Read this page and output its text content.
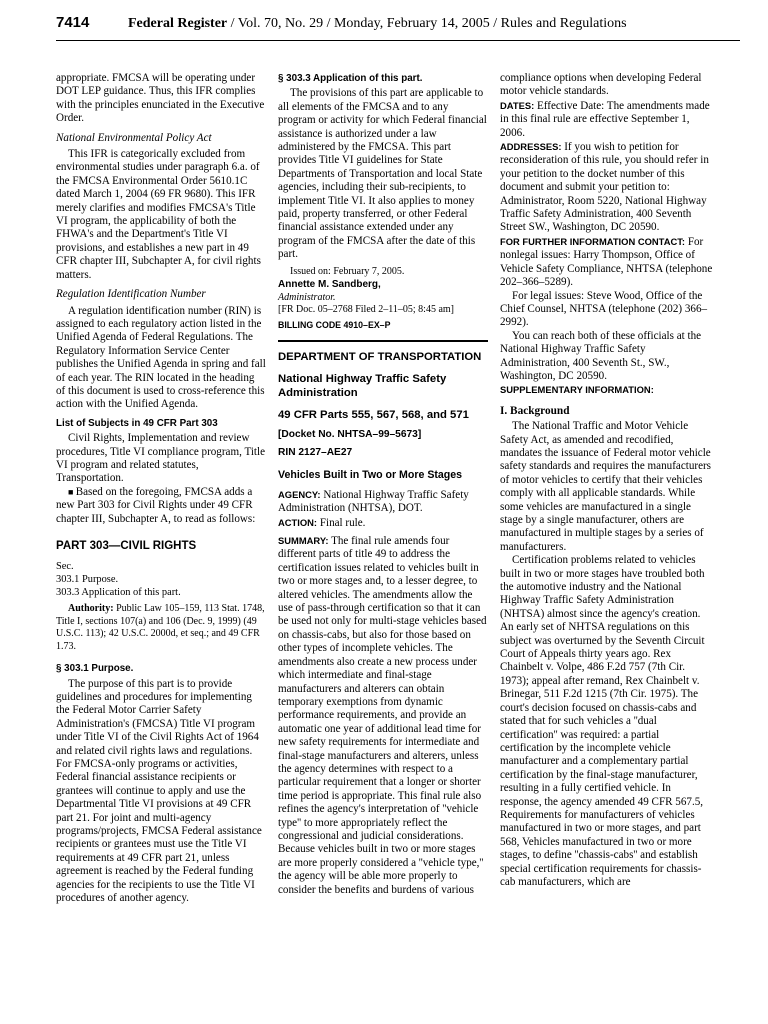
7414	Federal Register / Vol. 70, No. 29 / Monday, February 14, 2005 / Rules and Regulations

appropriate. FMCSA will be operating under DOT LEP guidance. Thus, this IFR complies with the principles enunciated in the Executive Order.

National Environmental Policy Act

This IFR is categorically excluded from environmental studies under paragraph 6.a. of the FMCSA Environmental Order 5610.1C dated March 1, 2004 (69 FR 9680). This IFR merely clarifies and modifies FMCSA's Title VI program, the applicability of both the FHWA's and the Department's Title VI provisions, and establishes a new part in 49 CFR chapter III, Subchapter A, for civil rights matters.

Regulation Identification Number

A regulation identification number (RIN) is assigned to each regulatory action listed in the Unified Agenda of Federal Regulations. The Regulatory Information Service Center publishes the Unified Agenda in spring and fall of each year. The RIN located in the heading of this document is used to cross-reference this action with the Unified Agenda.

List of Subjects in 49 CFR Part 303

Civil Rights, Implementation and review procedures, Title VI compliance program, Title VI program and related statutes, Transportation.

■ Based on the foregoing, FMCSA adds a new Part 303 for Civil Rights under 49 CFR chapter III, Subchapter A, to read as follows:

PART 303—CIVIL RIGHTS
Sec.
303.1 Purpose.
303.3 Application of this part.

Authority: Public Law 105–159, 113 Stat. 1748, Title I, sections 107(a) and 106 (Dec. 9, 1999) (49 U.S.C. 113); 42 U.S.C. 2000d, et seq.; and 49 CFR 1.73.

§ 303.1 Purpose.

The purpose of this part is to provide guidelines and procedures for implementing the Federal Motor Carrier Safety Administration's (FMCSA) Title VI program under Title VI of the Civil Rights Act of 1964 and related civil rights laws and regulations. For FMCSA-only programs or activities, Federal financial assistance recipients or grantees will continue to apply and use the Departmental Title VI provisions at 49 CFR part 21. For joint and multi-agency programs/projects, FMCSA Federal assistance recipients or grantees must use the Title VI requirements at 49 CFR part 21, unless agreement is reached by the Federal funding agencies for the recipients to use the Title VI procedures of another agency.

§ 303.3 Application of this part.

The provisions of this part are applicable to all elements of the FMCSA and to any program or activity for which Federal financial assistance is authorized under a law administered by the FMCSA. This part provides Title VI guidelines for State Departments of Transportation and local State agencies, including their sub-recipients, to implement Title VI. It also applies to money paid, property transferred, or other Federal financial assistance extended under any program of the FMCSA after the date of this part.

Issued on: February 7, 2005.

Annette M. Sandberg,
Administrator.
[FR Doc. 05–2768 Filed 2–11–05; 8:45 am]
BILLING CODE 4910–EX–P
DEPARTMENT OF TRANSPORTATION
National Highway Traffic Safety Administration
49 CFR Parts 555, 567, 568, and 571
[Docket No. NHTSA–99–5673]
RIN 2127–AE27
Vehicles Built in Two or More Stages

AGENCY: National Highway Traffic Safety Administration (NHTSA), DOT.

ACTION: Final rule.

SUMMARY: The final rule amends four different parts of title 49 to address the certification issues related to vehicles built in two or more stages and, to a lesser degree, to altered vehicles. The amendments allow the use of pass-through certification so that it can be used not only for multi-stage vehicles based on chassis-cabs, but also for those based on other types of incomplete vehicles. The amendments also create a new process under which intermediate and final-stage manufacturers and alterers can obtain temporary exemptions from dynamic performance requirements, and provide an automatic one year of additional lead time for new safety requirements for intermediate and final-stage manufacturers and alterers, unless the agency determines with respect to a particular requirement that a longer or shorter time period is appropriate. This final rule also refines the agency's interpretation of ''vehicle type'' to more appropriately reflect the congressional and judicial considerations. Because vehicles built in two or more stages are more properly considered a ''vehicle type,'' the agency will be able more properly to consider the benefits and burdens of various

compliance options when developing Federal motor vehicle standards.

DATES: Effective Date: The amendments made in this final rule are effective September 1, 2006.

ADDRESSES: If you wish to petition for reconsideration of this rule, you should refer in your petition to the docket number of this document and submit your petition to: Administrator, Room 5220, National Highway Traffic Safety Administration, 400 Seventh Street SW., Washington, DC 20590.

FOR FURTHER INFORMATION CONTACT: For nonlegal issues: Harry Thompson, Office of Vehicle Safety Compliance, NHTSA (telephone 202–366–5289).

For legal issues: Steve Wood, Office of the Chief Counsel, NHTSA (telephone (202) 366–2992).

You can reach both of these officials at the National Highway Traffic Safety Administration, 400 Seventh St., SW., Washington, DC 20590.

SUPPLEMENTARY INFORMATION:
I. Background

The National Traffic and Motor Vehicle Safety Act, as amended and recodified, mandates the issuance of Federal motor vehicle safety standards and requires the manufacturers of motor vehicles to certify that their vehicles comply with all applicable standards. While some vehicles are manufactured in a single stage by a single manufacturer, others are manufactured in multiple stages by a series of manufacturers.

Certification problems related to vehicles built in two or more stages have troubled both the automotive industry and the National Highway Traffic Safety Administration (NHTSA) almost since the agency's creation. An early set of NHTSA regulations on this subject was overturned by the Seventh Circuit Court of Appeals thirty years ago. Rex Chainbelt v. Volpe, 486 F.2d 757 (7th Cir. 1973); appeal after remand, Rex Chainbelt v. Brinegar, 511 F.2d 1215 (7th Cir. 1975). The court's decision focused on chassis-cabs and stated that for such vehicles a ''dual certification'' was required: a partial certification by the incomplete vehicle manufacturer and a complementary partial certification by the final-stage manufacturer, resulting in a fully certified vehicle. In response, the agency amended 49 CFR 567.5, Requirements for manufacturers of vehicles manufactured in two or more stages, and part 568, Vehicles manufactured in two or more stages, to define ''chassis-cabs'' and establish special certification requirements for chassis-cab manufacturers, which are
